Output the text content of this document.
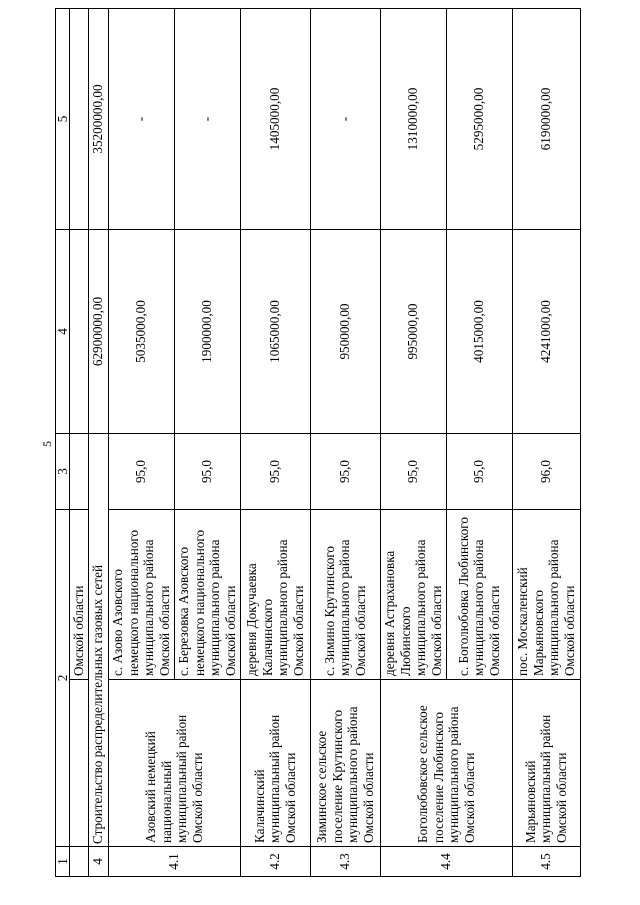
5
1	2		3	4	5
		Омской области			
4	Строительство распределительных газовых сетей			62900000,00	35200000,00
4.1	Азовский немецкий национальный муниципальный район Омской области	с. Азово Азовского немецкого национального муниципального района Омской области	95,0	5035000,00	-
		с. Березовка Азовского немецкого национального муниципального района Омской области	95,0	1900000,00	-
4.2	Калачинский муниципальный район Омской области	деревня Докучаевка Калачинского муниципального района Омской области	95,0	1065000,00	1405000,00
4.3	Зиминское сельское поселение Крутинского муниципального района Омской области	с. Зимино Крутинского муниципального района Омской области	95,0	950000,00	-
4.4	Боголюбовское сельское поселение Любинского муниципального района Омской области	деревня Астрахановка Любинского муниципального района Омской области	95,0	995000,00	1310000,00
		с. Боголюбовка Любинского муниципального района Омской области	95,0	4015000,00	5295000,00
4.5	Марьяновский муниципальный район Омской области	пос. Москаленский Марьяновского муниципального района Омской области	96,0	4241000,00	6190000,00
